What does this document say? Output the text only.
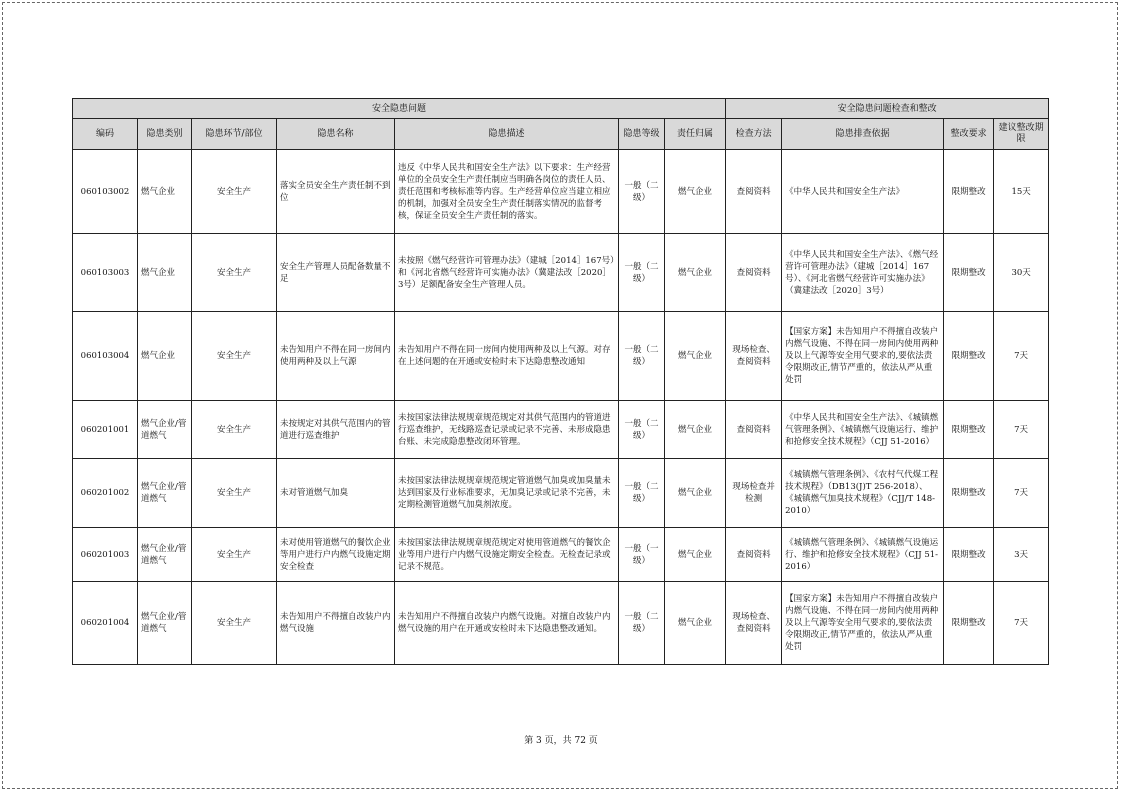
安全隐患问题							安全隐患问题检查和整改			
编码	隐患类别	隐患环节/部位	隐患名称	隐患描述	隐患等级	责任归属	检查方法	隐患排查依据	整改要求	建议整改期限
060103002	燃气企业	安全生产	落实全员安全生产责任制不到位	违反《中华人民共和国安全生产法》以下要求：生产经营单位的全员安全生产责任制应当明确各岗位的责任人员、责任范围和考核标准等内容。生产经营单位应当建立相应的机制，加强对全员安全生产责任制落实情况的监督考核，保证全员安全生产责任制的落实。	一般（二级）	燃气企业	查阅资料	《中华人民共和国安全生产法》	限期整改	15天
060103003	燃气企业	安全生产	安全生产管理人员配备数量不足	未按照《燃气经营许可管理办法》（建城［2014］167号）和《河北省燃气经营许可实施办法》（冀建法改［2020］3号）足额配备安全生产管理人员。	一般（二级）	燃气企业	查阅资料	《中华人民共和国安全生产法》、《燃气经营许可管理办法》（建城［2014］167号）、《河北省燃气经营许可实施办法》（冀建法改［2020］3号）	限期整改	30天
060103004	燃气企业	安全生产	未告知用户不得在同一房间内使用两种及以上气源	未告知用户不得在同一房间内使用两种及以上气源。对存在上述问题的在开通或安检时未下达隐患整改通知	一般（二级）	燃气企业	现场检查、查阅资料	【国家方案】未告知用户不得擅自改装户内燃气设施、不得在同一房间内使用两种及以上气源等安全用气要求的,要依法责令限期改正,情节严重的，依法从严从重处罚	限期整改	7天
060201001	燃气企业/管道燃气	安全生产	未按规定对其供气范围内的管道进行巡查维护	未按国家法律法规规章规范规定对其供气范围内的管道进行巡查维护，无线路巡查记录或记录不完善、未形成隐患台账、未完成隐患整改闭环管理。	一般（二级）	燃气企业	查阅资料	《中华人民共和国安全生产法》、《城镇燃气管理条例》、《城镇燃气设施运行、维护和抢修安全技术规程》（CJJ 51-2016）	限期整改	7天
060201002	燃气企业/管道燃气	安全生产	未对管道燃气加臭	未按国家法律法规规章规范规定管道燃气加臭或加臭量未达到国家及行业标准要求，无加臭记录或记录不完善，未定期检测管道燃气加臭剂浓度。	一般（二级）	燃气企业	现场检查并检测	《城镇燃气管理条例》、《农村气代煤工程技术规程》（DB13(J)T 256-2018）、《城镇燃气加臭技术规程》（CJJ/T 148-2010）	限期整改	7天
060201003	燃气企业/管道燃气	安全生产	未对使用管道燃气的餐饮企业等用户进行户内燃气设施定期安全检查	未按国家法律法规规章规范规定对使用管道燃气的餐饮企业等用户进行户内燃气设施定期安全检查。无检查记录或记录不规范。	一般（一级）	燃气企业	查阅资料	《城镇燃气管理条例》、《城镇燃气设施运行、维护和抢修安全技术规程》（CJJ 51-2016）	限期整改	3天
060201004	燃气企业/管道燃气	安全生产	未告知用户不得擅自改装户内燃气设施	未告知用户不得擅自改装户内燃气设施。对擅自改装户内燃气设施的用户在开通或安检时未下达隐患整改通知。	一般（二级）	燃气企业	现场检查、查阅资料	【国家方案】未告知用户不得擅自改装户内燃气设施、不得在同一房间内使用两种及以上气源等安全用气要求的,要依法责令限期改正,情节严重的，依法从严从重处罚	限期整改	7天
第 3 页，共 72 页
